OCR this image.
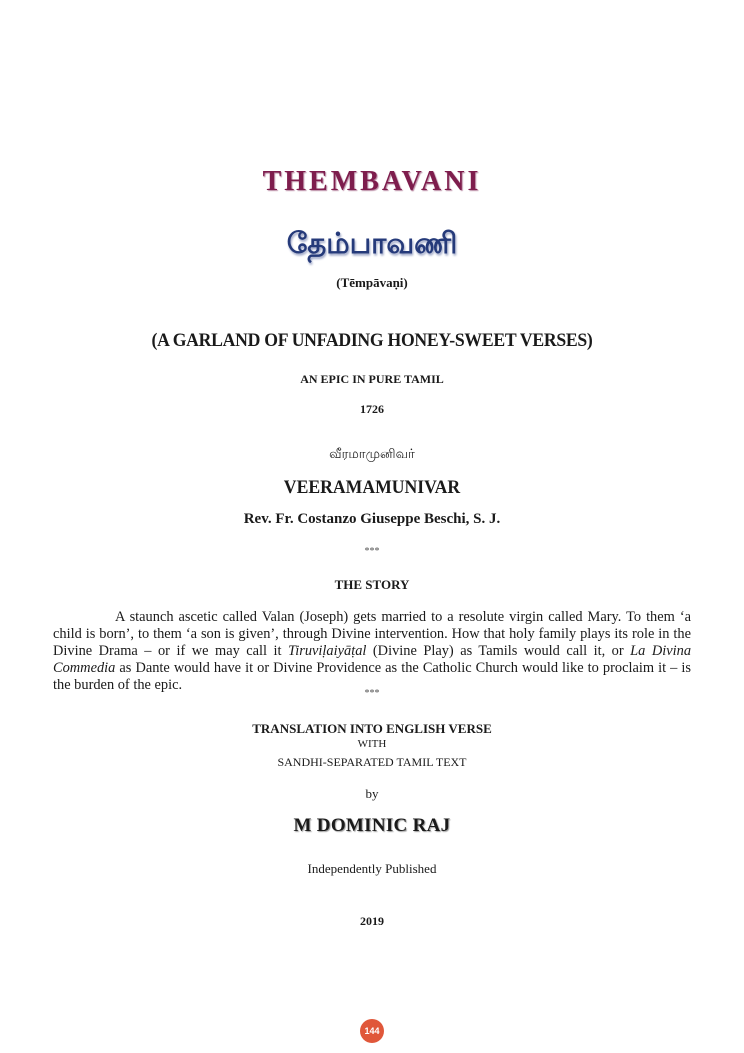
THEMBAVANI
தேம்பாவணி
(Tēmpāvaṇi)
(A GARLAND OF UNFADING HONEY-SWEET VERSES)
AN EPIC IN PURE TAMIL
1726
வீரமாமுனிவர்
VEERAMAMUNIVAR
Rev. Fr. Costanzo Giuseppe Beschi, S. J.
***
THE STORY

A staunch ascetic called Valan (Joseph) gets married to a resolute virgin called Mary. To them ‘a child is born’, to them ‘a son is given’, through Divine intervention. How that holy family plays its role in the Divine Drama – or if we may call it Tiruviḷaiyāṭal (Divine Play) as Tamils would call it, or La Divina Commedia as Dante would have it or Divine Providence as the Catholic Church would like to proclaim it – is the burden of the epic.

***
TRANSLATION INTO ENGLISH VERSE
WITH
SANDHI-SEPARATED TAMIL TEXT
by
M DOMINIC RAJ
Independently Published
2019
144
